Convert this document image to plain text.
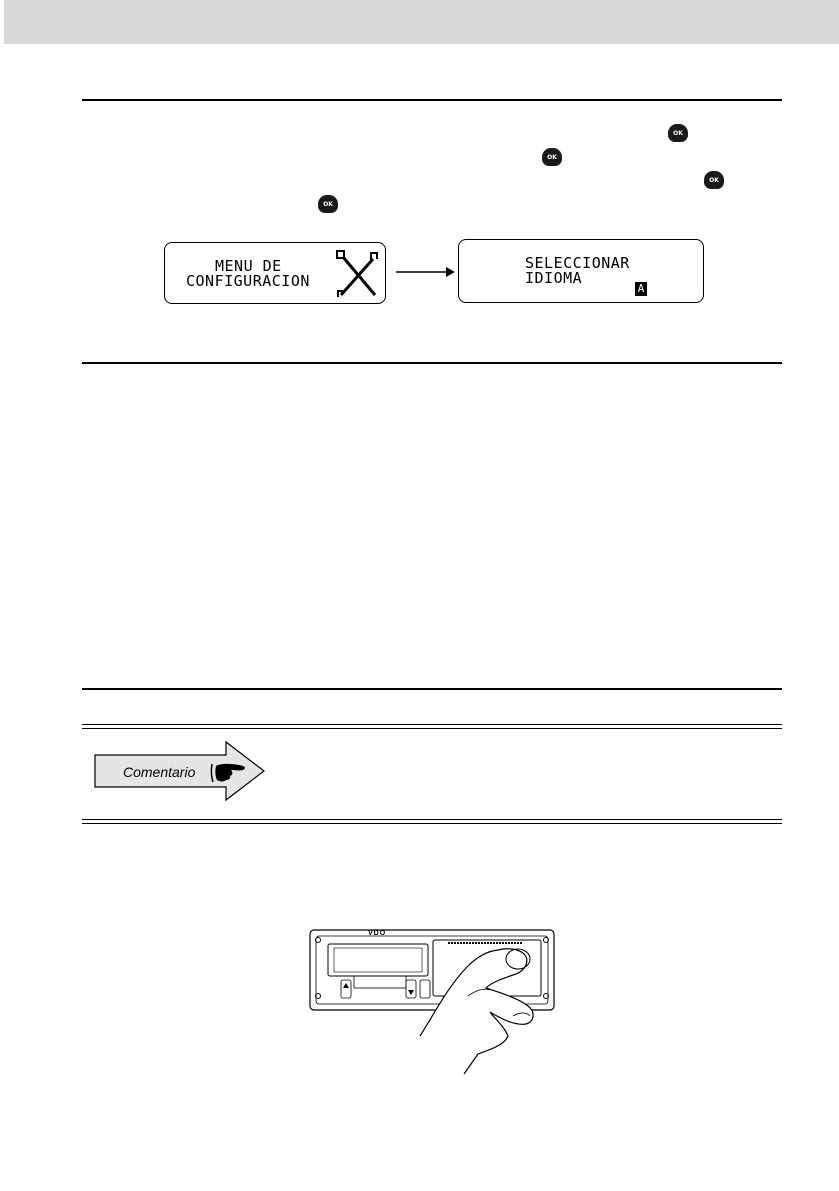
OK
OK
OK
OK
MENU DE
CONFIGURACION
SELECCIONAR
IDIOMA
A
Comentario
VDO
